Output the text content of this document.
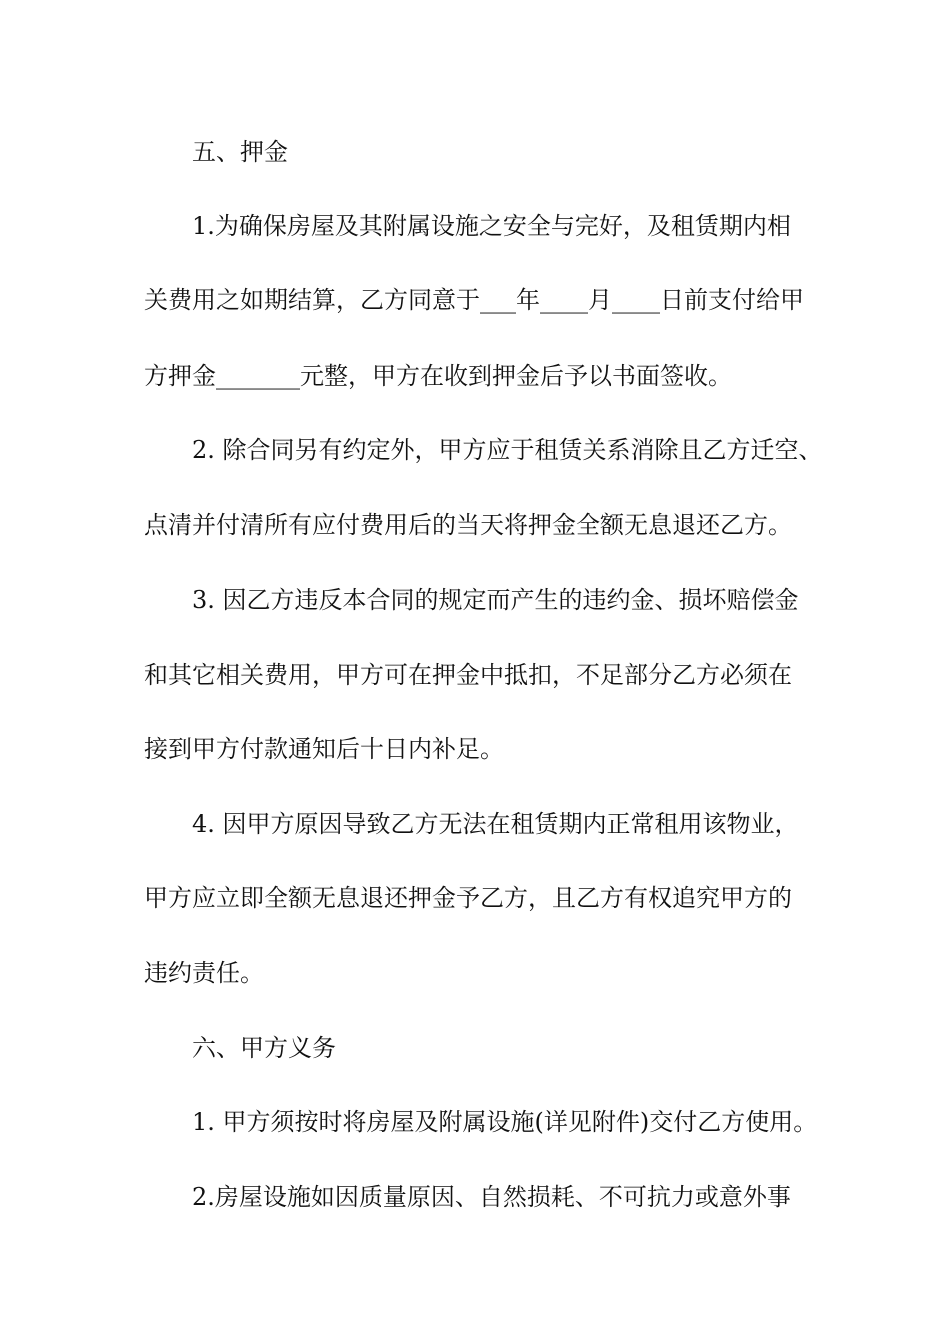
五、押金
1.为确保房屋及其附属设施之安全与完好，及租赁期内相
关费用之如期结算，乙方同意于___年____月____日前支付给甲
方押金_______元整，甲方在收到押金后予以书面签收。
2. 除合同另有约定外，甲方应于租赁关系消除且乙方迁空、
点清并付清所有应付费用后的当天将押金全额无息退还乙方。
3. 因乙方违反本合同的规定而产生的违约金、损坏赔偿金
和其它相关费用，甲方可在押金中抵扣，不足部分乙方必须在
接到甲方付款通知后十日内补足。
4. 因甲方原因导致乙方无法在租赁期内正常租用该物业，
甲方应立即全额无息退还押金予乙方，且乙方有权追究甲方的
违约责任。
六、甲方义务
1. 甲方须按时将房屋及附属设施(详见附件)交付乙方使用。
2.房屋设施如因质量原因、自然损耗、不可抗力或意外事
